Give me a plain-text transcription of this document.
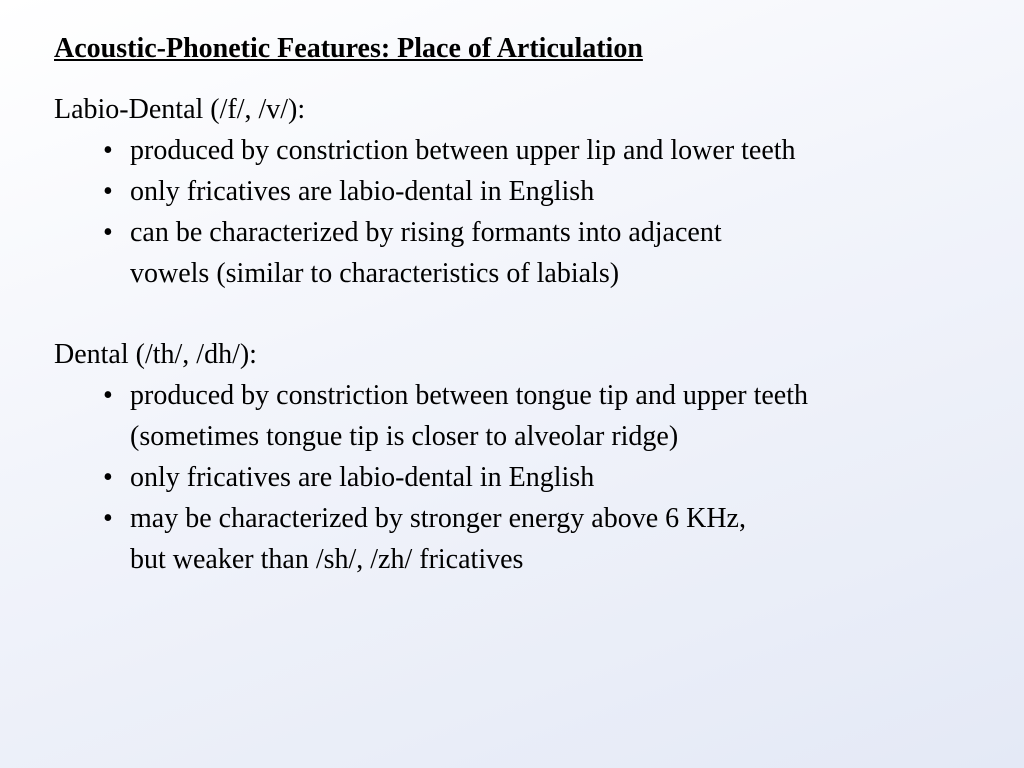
Acoustic-Phonetic Features: Place of Articulation

Labio-Dental (/f/, /v/):

• produced by constriction between upper lip and lower teeth
• only fricatives are labio-dental in English
• can be characterized by rising formants into adjacent
vowels (similar to characteristics of labials)

Dental (/th/, /dh/):

• produced by constriction between tongue tip and upper teeth
(sometimes tongue tip is closer to alveolar ridge)
• only fricatives are labio-dental in English
• may be characterized by stronger energy above 6 KHz,
but weaker than /sh/, /zh/ fricatives
